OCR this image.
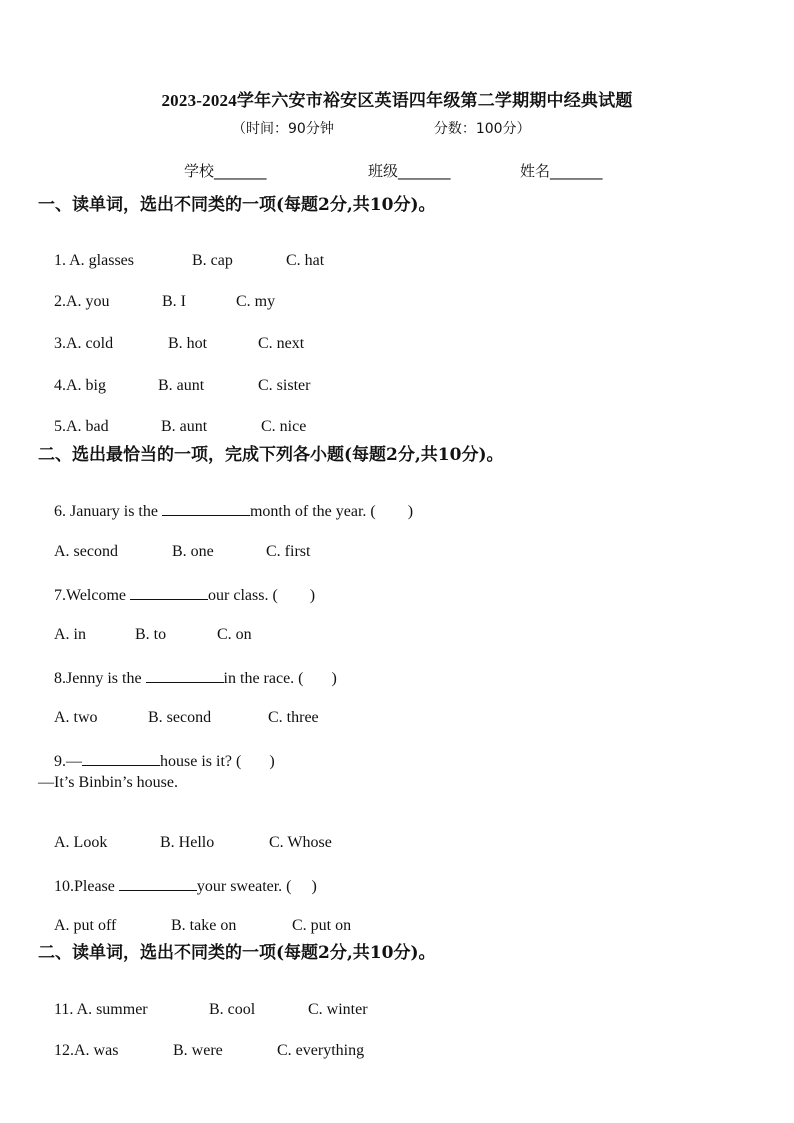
2023-2024学年六安市裕安区英语四年级第二学期期中经典试题
（时间：90分钟	分数：100分）
学校_______	班级_______	姓名_______
一、读单词，选出不同类的一项(每题2分,共10分)。

1. A. glasses	B. cap	C. hat

2.A. you	B. I	C. my

3.A. cold	B. hot	C. next

4.A. big	B. aunt	C. sister

5.A. bad	B. aunt	C. nice

二、选出最恰当的一项，完成下列各小题(每题2分,共10分)。

6. January is the	month of the year. (        )

A. second	B. one	C. first

7.Welcome	our class. (        )

A. in	B. to	C. on

8.Jenny is the	in the race. (       )

A. two	B. second	C. three

9.—	house is it? (       )

—It’s Binbin’s house.

A. Look	B. Hello	C. Whose

10.Please	your sweater. (     )

A. put off	B. take on	C. put on

二、读单词，选出不同类的一项(每题2分,共10分)。

11. A. summer	B. cool	C. winter

12.A. was	B. were	C. everything
